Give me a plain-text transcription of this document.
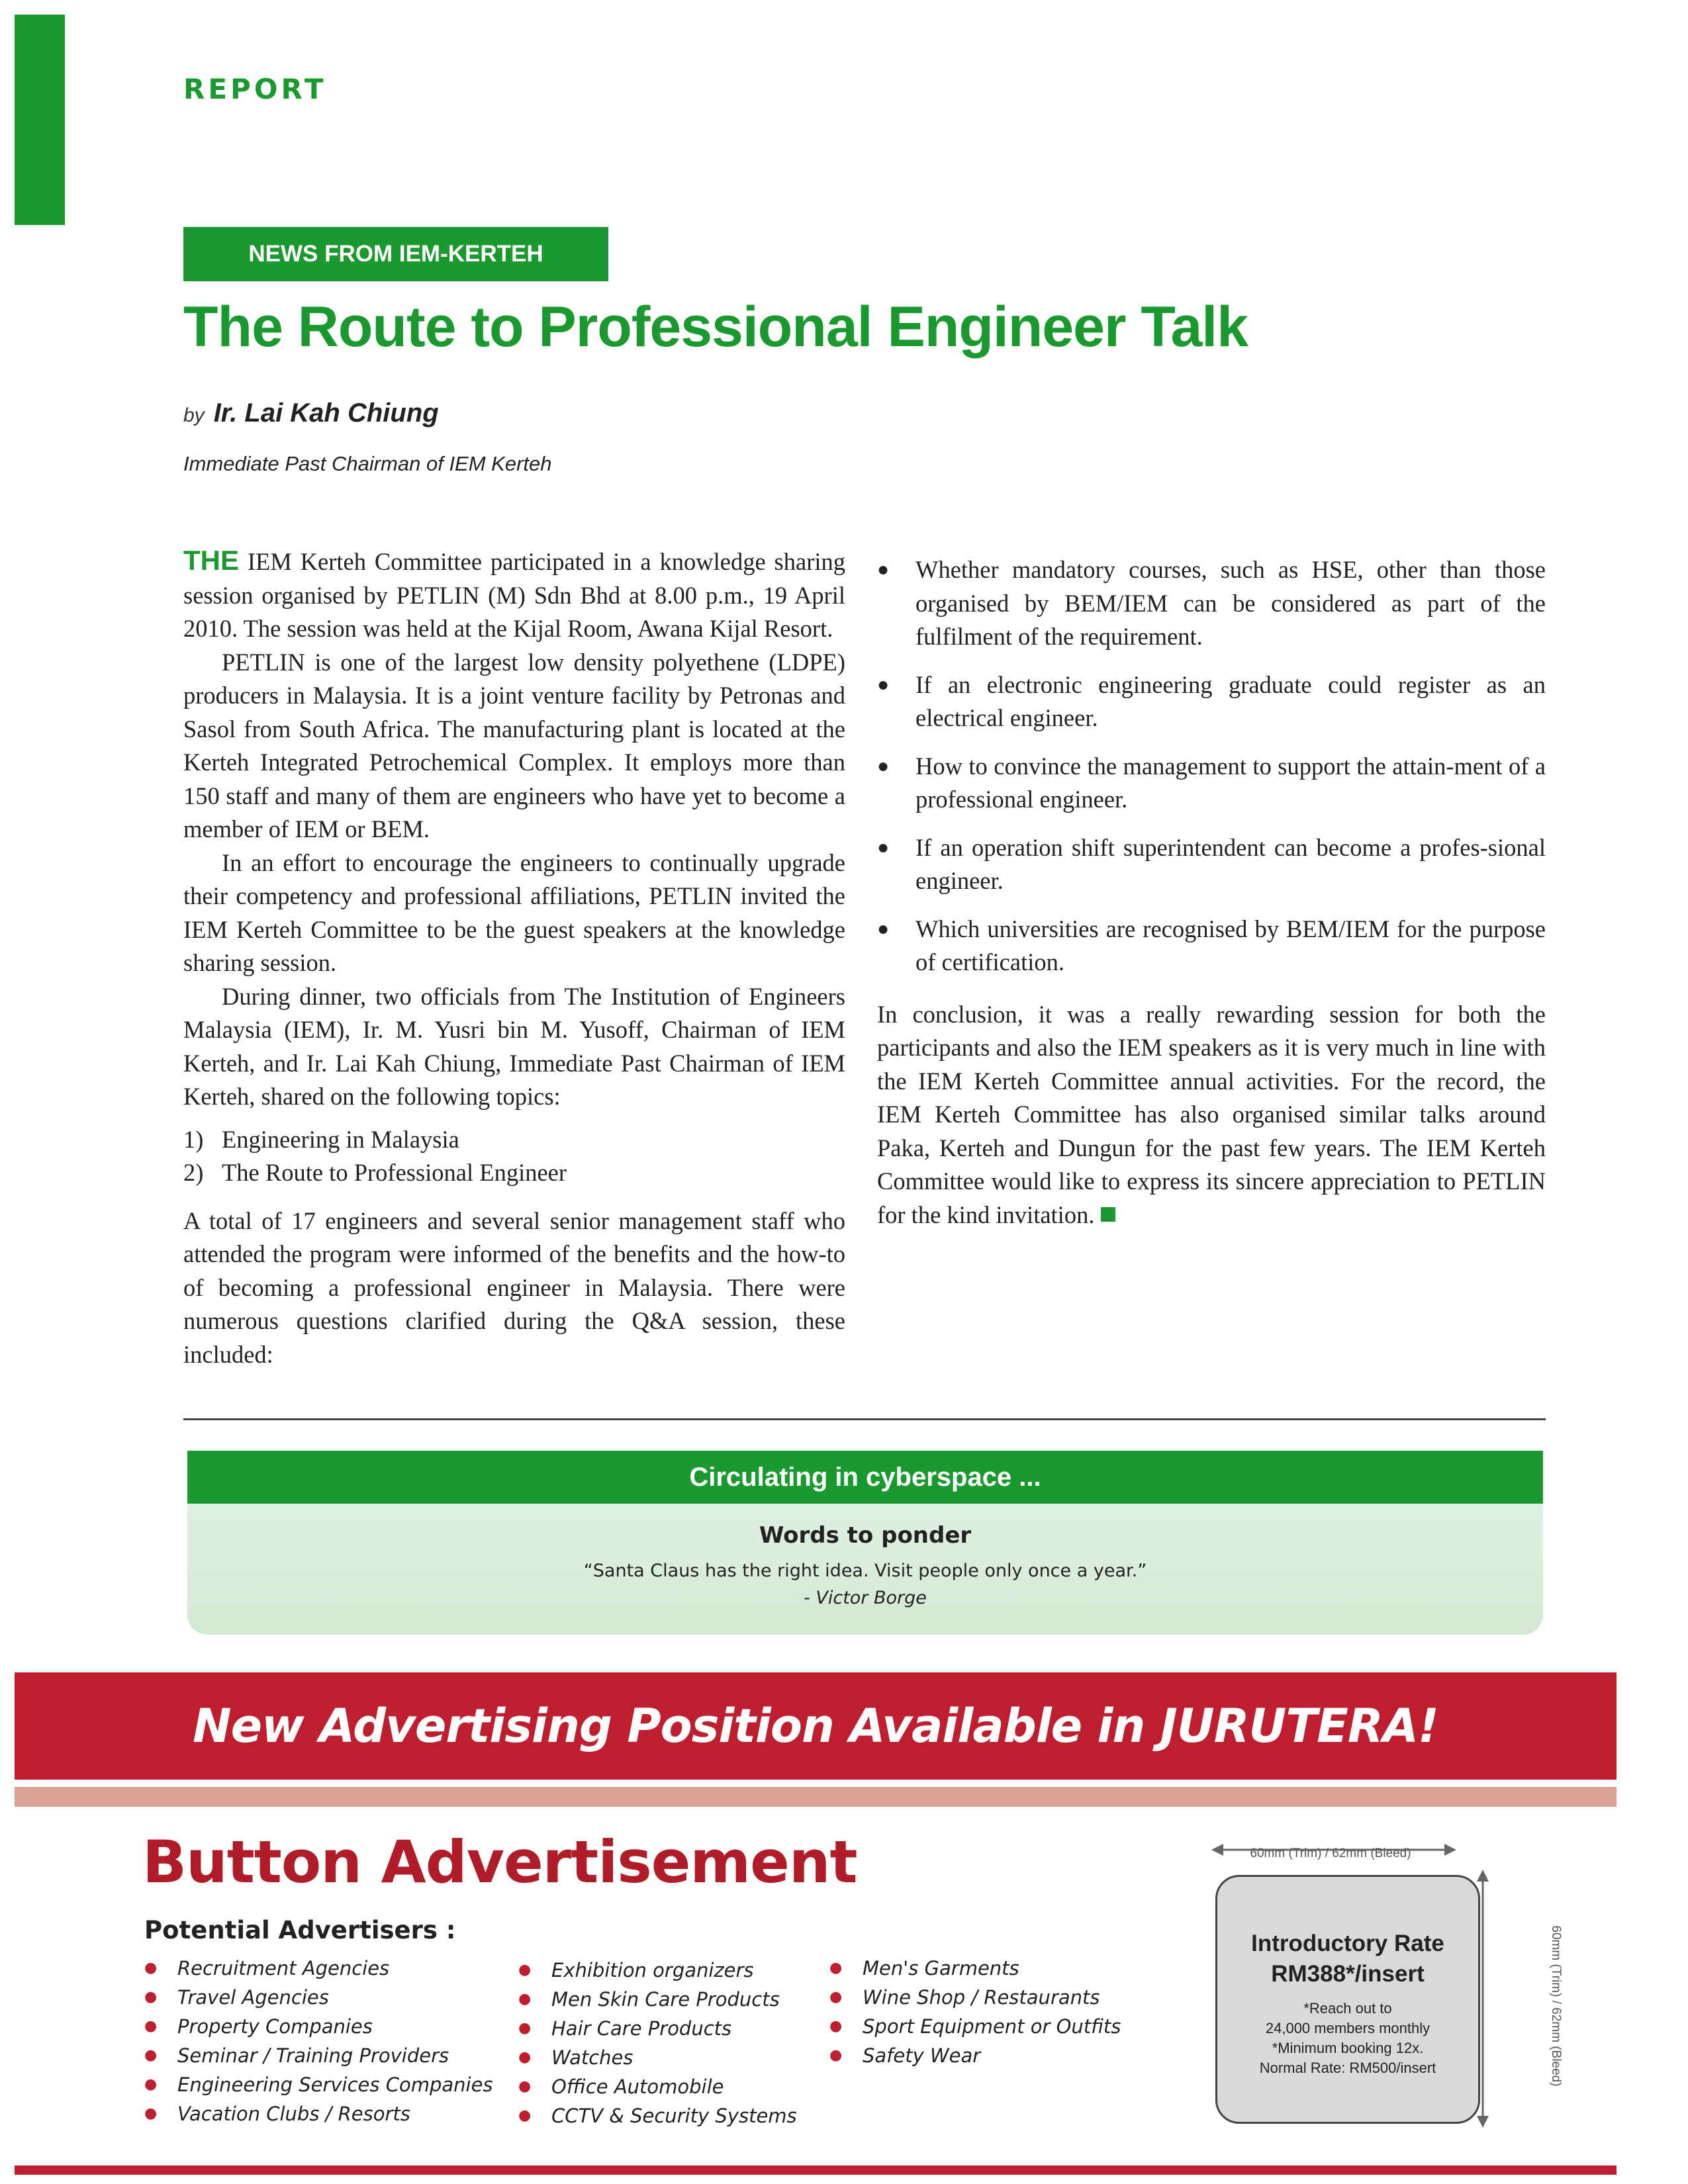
REPORT
NEWS FROM IEM-KERTEH
The Route to Professional Engineer Talk
by Ir. Lai Kah Chiung
Immediate Past Chairman of IEM Kerteh

THE IEM Kerteh Committee participated in a knowledge sharing session organised by PETLIN (M) Sdn Bhd at 8.00 p.m., 19 April 2010. The session was held at the Kijal Room, Awana Kijal Resort.

PETLIN is one of the largest low density polyethene (LDPE) producers in Malaysia. It is a joint venture facility by Petronas and Sasol from South Africa. The manufacturing plant is located at the Kerteh Integrated Petrochemical Complex. It employs more than 150 staff and many of them are engineers who have yet to become a member of IEM or BEM.

In an effort to encourage the engineers to continually upgrade their competency and professional affiliations, PETLIN invited the IEM Kerteh Committee to be the guest speakers at the knowledge sharing session.

During dinner, two officials from The Institution of Engineers Malaysia (IEM), Ir. M. Yusri bin M. Yusoff, Chairman of IEM Kerteh, and Ir. Lai Kah Chiung, Immediate Past Chairman of IEM Kerteh, shared on the following topics:

1) Engineering in Malaysia
2) The Route to Professional Engineer

A total of 17 engineers and several senior management staff who attended the program were informed of the benefits and the how-to of becoming a professional engineer in Malaysia. There were numerous questions clarified during the Q&A session, these included:

●	Whether mandatory courses, such as HSE, other than those organised by BEM/IEM can be considered as part of the fulfilment of the requirement.
●	If an electronic engineering graduate could register as an electrical engineer.
●	How to convince the management to support the attain-ment of a professional engineer.
●	If an operation shift superintendent can become a profes-sional engineer.
●	Which universities are recognised by BEM/IEM for the purpose of certification.

In conclusion, it was a really rewarding session for both the participants and also the IEM speakers as it is very much in line with the IEM Kerteh Committee annual activities. For the record, the IEM Kerteh Committee has also organised similar talks around Paka, Kerteh and Dungun for the past few years. The IEM Kerteh Committee would like to express its sincere appreciation to PETLIN for the kind invitation.

Circulating in cyberspace ...
Words to ponder
“Santa Claus has the right idea. Visit people only once a year.”
- Victor Borge
New Advertising Position Available in JURUTERA!
Button Advertisement
Potential Advertisers :
●	Recruitment Agencies
●	Travel Agencies
●	Property Companies
●	Seminar / Training Providers
●	Engineering Services Companies
●	Vacation Clubs / Resorts
●	Exhibition organizers
●	Men Skin Care Products
●	Hair Care Products
●	Watches
●	Office Automobile
●	CCTV & Security Systems
●	Men's Garments
●	Wine Shop / Restaurants
●	Sport Equipment or Outfits
●	Safety Wear
60mm (Trim) / 62mm (Bleed)
Introductory Rate
RM388*/insert
*Reach out to
24,000 members monthly
*Minimum booking 12x.
Normal Rate: RM500/insert	60mm (Trim) / 62mm (Bleed)
